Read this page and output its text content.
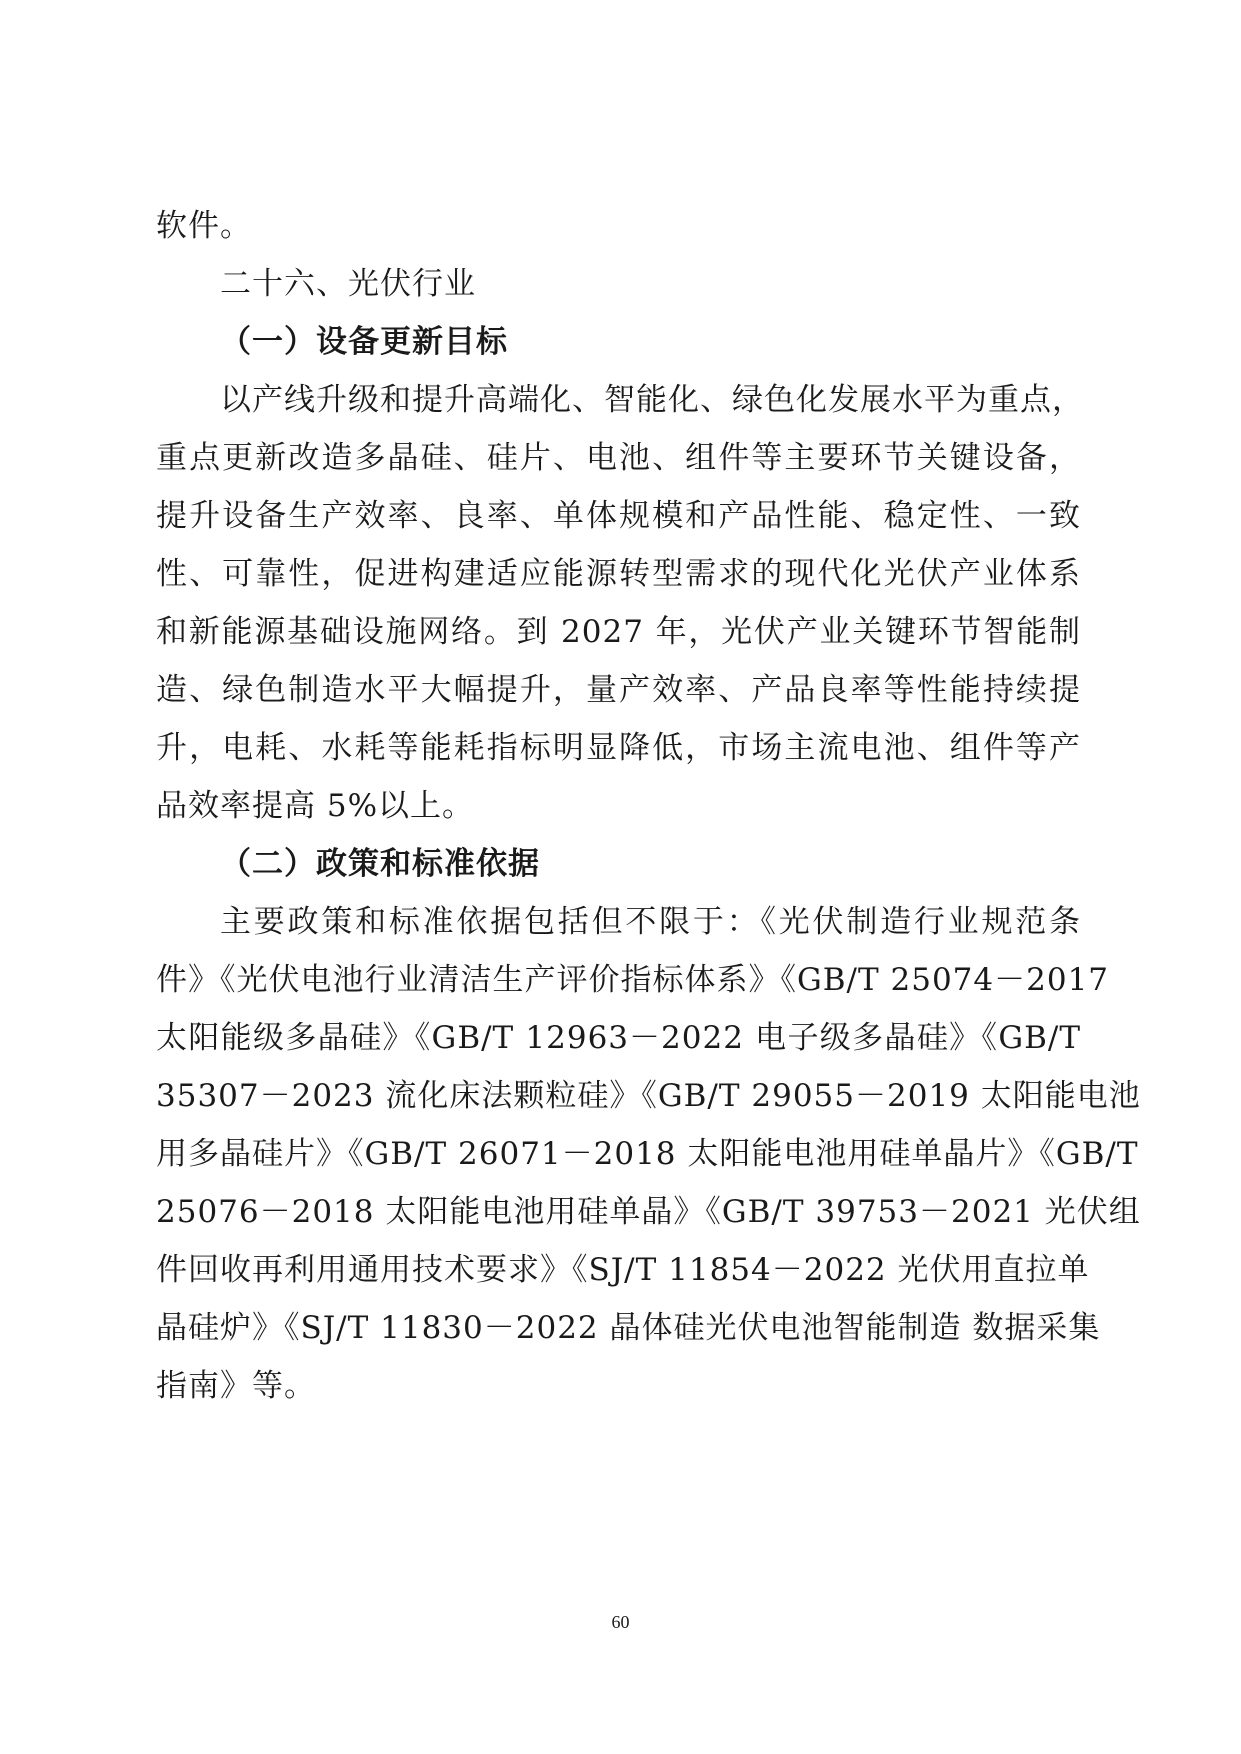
软件。
二十六、光伏行业
（一）设备更新目标
以产线升级和提升高端化、智能化、绿色化发展水平为重点，
重点更新改造多晶硅、硅片、电池、组件等主要环节关键设备，
提升设备生产效率、良率、单体规模和产品性能、稳定性、一致
性、可靠性，促进构建适应能源转型需求的现代化光伏产业体系
和新能源基础设施网络。到 2027 年，光伏产业关键环节智能制
造、绿色制造水平大幅提升，量产效率、产品良率等性能持续提
升，电耗、水耗等能耗指标明显降低，市场主流电池、组件等产
品效率提高 5%以上。
（二）政策和标准依据
主要政策和标准依据包括但不限于：《光伏制造行业规范条
件》《光伏电池行业清洁生产评价指标体系》《GB/T 25074－2017
太阳能级多晶硅》《GB/T 12963－2022 电子级多晶硅》《GB/T
35307－2023 流化床法颗粒硅》《GB/T 29055－2019 太阳能电池
用多晶硅片》《GB/T 26071－2018 太阳能电池用硅单晶片》《GB/T
25076－2018 太阳能电池用硅单晶》《GB/T 39753－2021 光伏组
件回收再利用通用技术要求》《SJ/T 11854－2022 光伏用直拉单
晶硅炉》《SJ/T 11830－2022 晶体硅光伏电池智能制造 数据采集
指南》等。
60
